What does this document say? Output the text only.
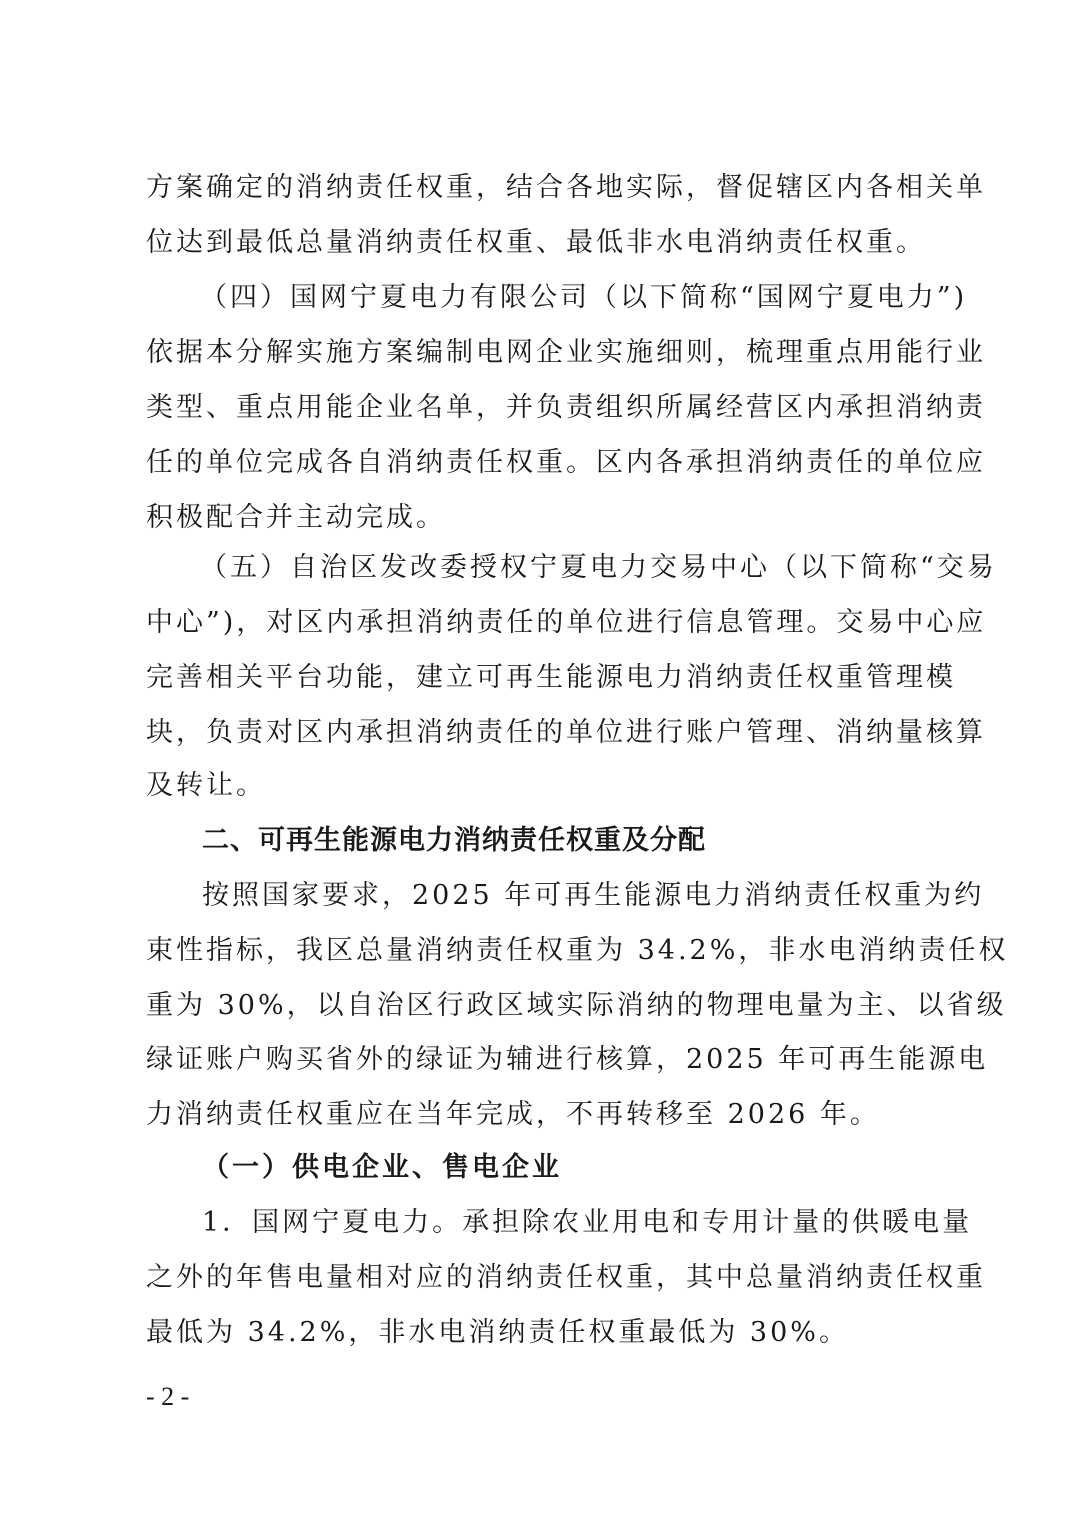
方案确定的消纳责任权重，结合各地实际，督促辖区内各相关单
位达到最低总量消纳责任权重、最低非水电消纳责任权重。
（四）国网宁夏电力有限公司（以下简称“国网宁夏电力”)
依据本分解实施方案编制电网企业实施细则，梳理重点用能行业
类型、重点用能企业名单，并负责组织所属经营区内承担消纳责
任的单位完成各自消纳责任权重。区内各承担消纳责任的单位应
积极配合并主动完成。
（五）自治区发改委授权宁夏电力交易中心（以下简称“交易
中心”)，对区内承担消纳责任的单位进行信息管理。交易中心应
完善相关平台功能，建立可再生能源电力消纳责任权重管理模
块，负责对区内承担消纳责任的单位进行账户管理、消纳量核算
及转让。
二、可再生能源电力消纳责任权重及分配
按照国家要求，2025 年可再生能源电力消纳责任权重为约
束性指标，我区总量消纳责任权重为 34.2%，非水电消纳责任权
重为 30%，以自治区行政区域实际消纳的物理电量为主、以省级
绿证账户购买省外的绿证为辅进行核算，2025 年可再生能源电
力消纳责任权重应在当年完成，不再转移至 2026 年。
（一）供电企业、售电企业
1．国网宁夏电力。承担除农业用电和专用计量的供暖电量
之外的年售电量相对应的消纳责任权重，其中总量消纳责任权重
最低为 34.2%，非水电消纳责任权重最低为 30%。
- 2 -
